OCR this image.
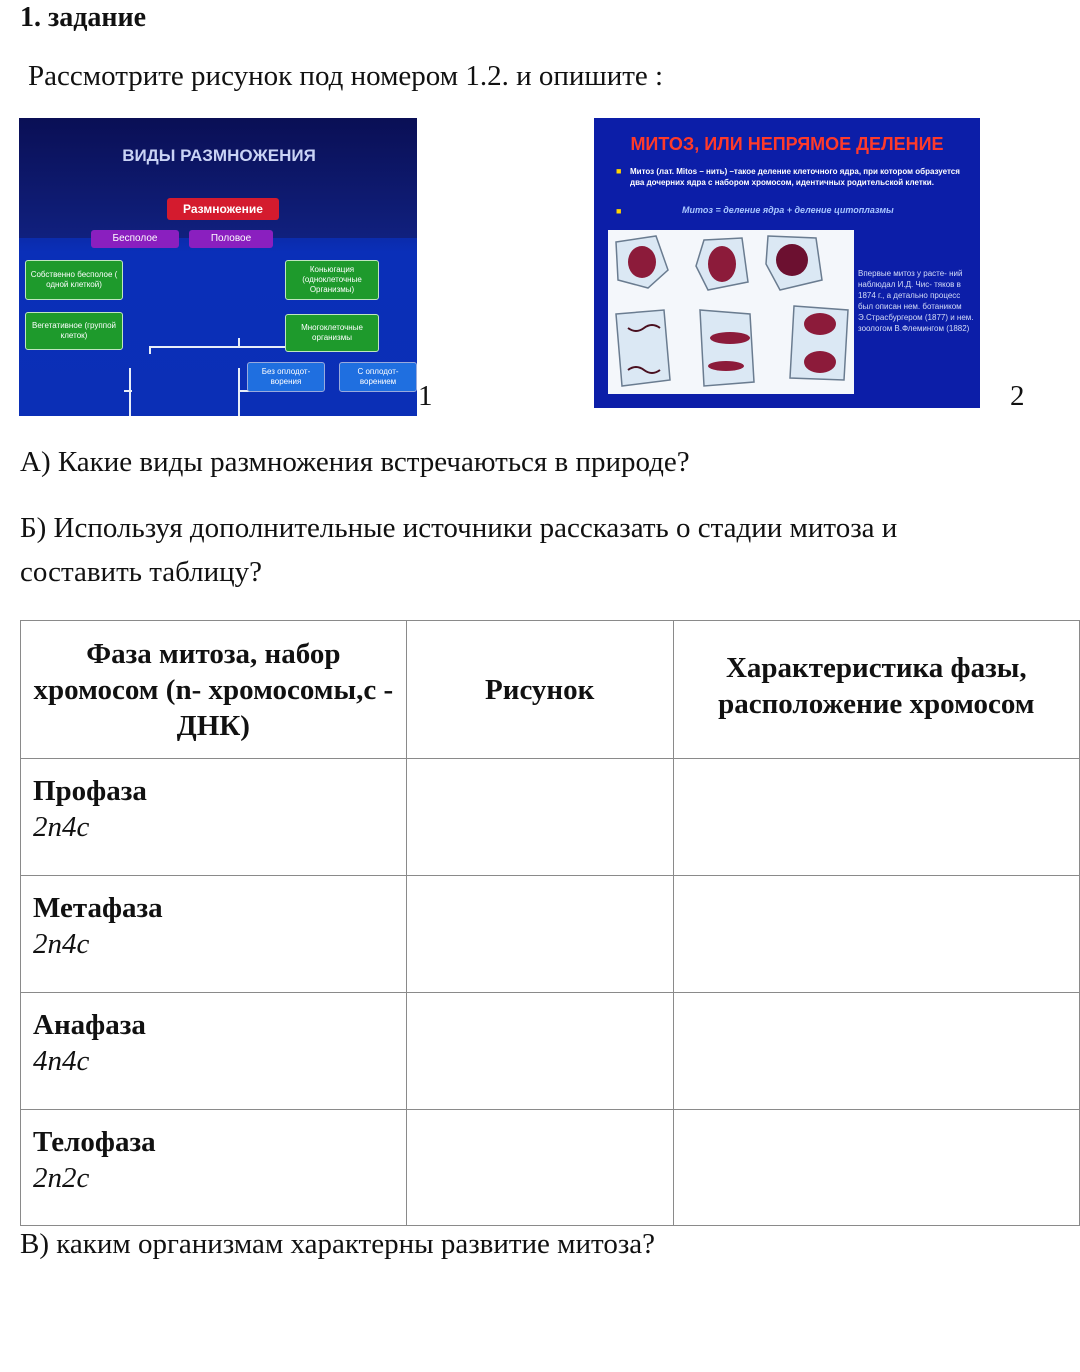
1. задание
Рассмотрите рисунок под номером 1.2. и опишите :
ВИДЫ РАЗМНОЖЕНИЯ
Размножение
Бесполое	Половое
Собственно бесполое ( одной клеткой)
Вегетативное (группой клеток)
Коньюгация (одноклеточные Организмы)
Многоклеточные организмы
Без оплодот- ворения
С оплодот- ворением 1
МИТОЗ, ИЛИ НЕПРЯМОЕ ДЕЛЕНИЕ
■ Митоз (лат. Mitos – нить) –такое деление клеточного ядра, при котором образуется два дочерних ядра с набором хромосом, идентичных родительской клетки.
■	Митоз = деление ядра + деление цитоплазмы
Впервые митоз у расте- ний наблюдал И.Д. Чис- тяков в 1874 г., а детально процесс был описан нем. ботаником Э.Страсбургером (1877) и нем. зоологом В.Флемингом (1882)
2
А) Какие виды размножения встречаються в природе?
Б) Используя дополнительные источники рассказать о стадии митоза и
составить таблицу?
Фаза митоза, набор хромосом (n- хромосомы,с - ДНК)	Рисунок	Характеристика фазы, расположение хромосом

Профаза
2n4c		

Метафаза
2n4c		

Анафаза
4n4c		

Телофаза
2n2c		

В) каким организмам характерны развитие митоза?
